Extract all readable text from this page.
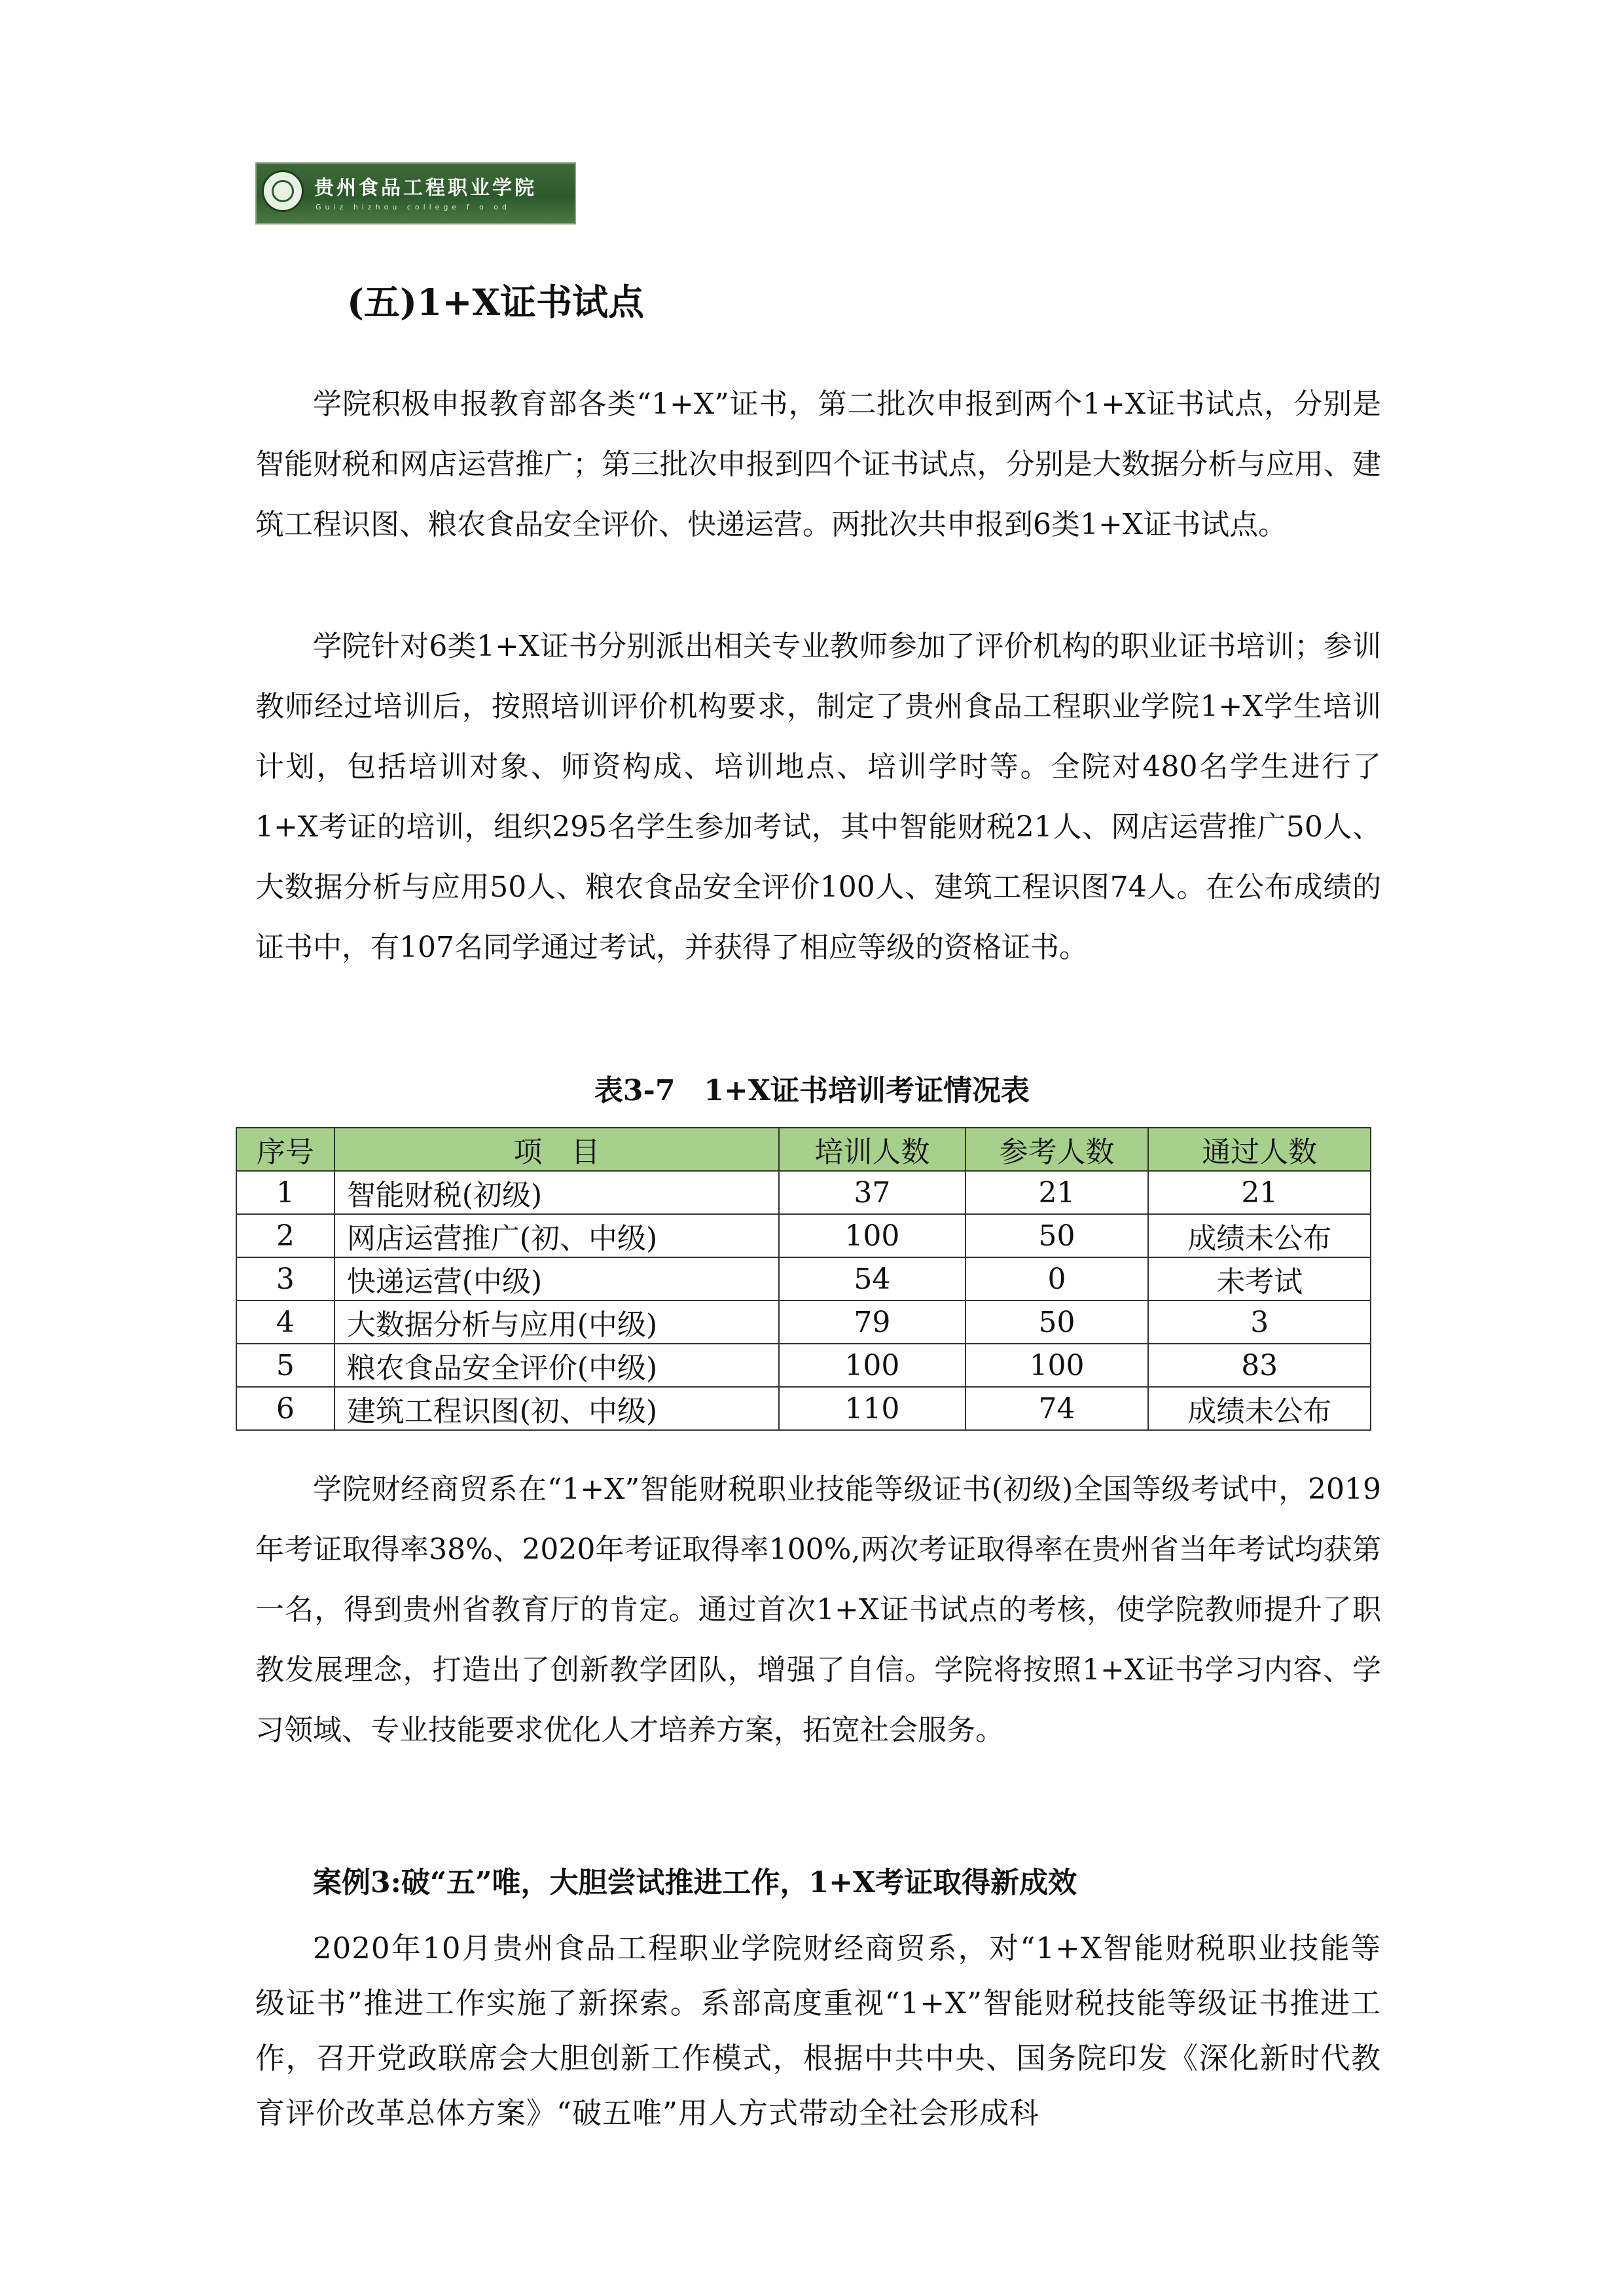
贵州食品工程职业学院
Guiz hizhou college f o od
(五)1+X证书试点

学院积极申报教育部各类“1+X”证书，第二批次申报到两个1+X证书试点，分别是智能财税和网店运营推广；第三批次申报到四个证书试点，分别是大数据分析与应用、建筑工程识图、粮农食品安全评价、快递运营。两批次共申报到6类1+X证书试点。

学院针对6类1+X证书分别派出相关专业教师参加了评价机构的职业证书培训；参训教师经过培训后，按照培训评价机构要求，制定了贵州食品工程职业学院1+X学生培训计划，包括培训对象、师资构成、培训地点、培训学时等。全院对480名学生进行了1+X考证的培训，组织295名学生参加考试，其中智能财税21人、网店运营推广50人、大数据分析与应用50人、粮农食品安全评价100人、建筑工程识图74人。在公布成绩的证书中，有107名同学通过考试，并获得了相应等级的资格证书。

表3-7　1+X证书培训考证情况表
序号	项　目	培训人数	参考人数	通过人数
1	智能财税(初级)	37	21	21
2	网店运营推广(初、中级)	100	50	成绩未公布
3	快递运营(中级)	54	0	未考试
4	大数据分析与应用(中级)	79	50	3
5	粮农食品安全评价(中级)	100	100	83
6	建筑工程识图(初、中级)	110	74	成绩未公布

学院财经商贸系在“1+X”智能财税职业技能等级证书(初级)全国等级考试中，2019年考证取得率38%、2020年考证取得率100%,两次考证取得率在贵州省当年考试均获第一名，得到贵州省教育厅的肯定。通过首次1+X证书试点的考核，使学院教师提升了职教发展理念，打造出了创新教学团队，增强了自信。学院将按照1+X证书学习内容、学习领域、专业技能要求优化人才培养方案，拓宽社会服务。

案例3:破“五”唯，大胆尝试推进工作，1+X考证取得新成效

2020年10月贵州食品工程职业学院财经商贸系，对“1+X智能财税职业技能等级证书”推进工作实施了新探索。系部高度重视“1+X”智能财税技能等级证书推进工作，召开党政联席会大胆创新工作模式，根据中共中央、国务院印发《深化新时代教育评价改革总体方案》“破五唯”用人方式带动全社会形成科
